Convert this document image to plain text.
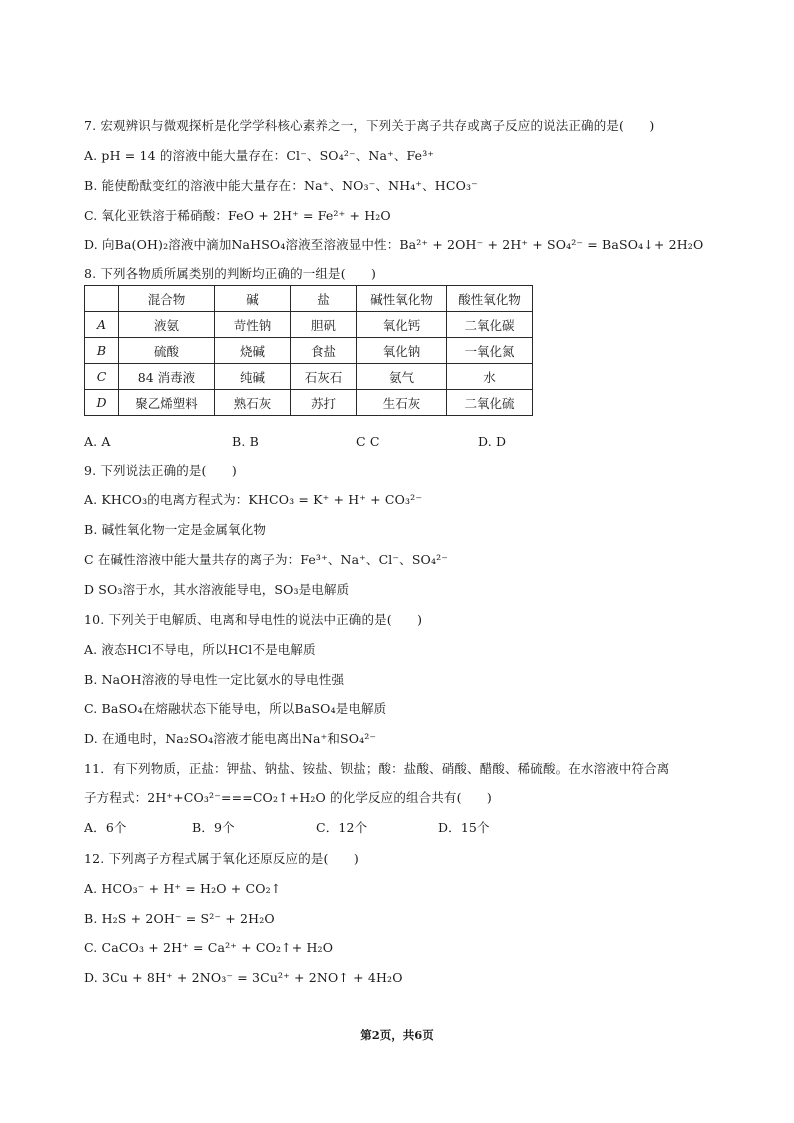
7. 宏观辨识与微观探析是化学学科核心素养之一，下列关于离子共存或离子反应的说法正确的是(　　)
A. pH = 14 的溶液中能大量存在：Cl⁻、SO₄²⁻、Na⁺、Fe³⁺
B. 能使酚酞变红的溶液中能大量存在：Na⁺、NO₃⁻、NH₄⁺、HCO₃⁻
C. 氧化亚铁溶于稀硝酸：FeO + 2H⁺ = Fe²⁺ + H₂O
D. 向Ba(OH)₂溶液中滴加NaHSO₄溶液至溶液显中性：Ba²⁺ + 2OH⁻ + 2H⁺ + SO₄²⁻ = BaSO₄↓+ 2H₂O
8. 下列各物质所属类别的判断均正确的一组是(　　)
	混合物	碱	盐	碱性氧化物	酸性氧化物
A	液氨	苛性钠	胆矾	氧化钙	二氧化碳
B	硫酸	烧碱	食盐	氧化钠	一氧化氮
C	84 消毒液	纯碱	石灰石	氨气	水
D	聚乙烯塑料	熟石灰	苏打	生石灰	二氧化硫
A. A	B. B	C C	D. D
9. 下列说法正确的是(　　)
A. KHCO₃的电离方程式为：KHCO₃ = K⁺ + H⁺ + CO₃²⁻
B. 碱性氧化物一定是金属氧化物
C 在碱性溶液中能大量共存的离子为：Fe³⁺、Na⁺、Cl⁻、SO₄²⁻
D SO₃溶于水，其水溶液能导电，SO₃是电解质
10. 下列关于电解质、电离和导电性的说法中正确的是(　　)
A. 液态HCl不导电，所以HCl不是电解质
B. NaOH溶液的导电性一定比氨水的导电性强
C. BaSO₄在熔融状态下能导电，所以BaSO₄是电解质
D. 在通电时，Na₂SO₄溶液才能电离出Na⁺和SO₄²⁻
11．有下列物质，正盐：钾盐、钠盐、铵盐、钡盐；酸：盐酸、硝酸、醋酸、稀硫酸。在水溶液中符合离
子方程式：2H⁺+CO₃²⁻===CO₂↑+H₂O 的化学反应的组合共有(　　)
A．6个	B．9个	C．12个	D．15个
12. 下列离子方程式属于氧化还原反应的是(　　)
A. HCO₃⁻ + H⁺ = H₂O + CO₂↑
B. H₂S + 2OH⁻ = S²⁻ + 2H₂O
C. CaCO₃ + 2H⁺ = Ca²⁺ + CO₂↑+ H₂O
D. 3Cu + 8H⁺ + 2NO₃⁻ = 3Cu²⁺ + 2NO↑ + 4H₂O
第2页，共6页
